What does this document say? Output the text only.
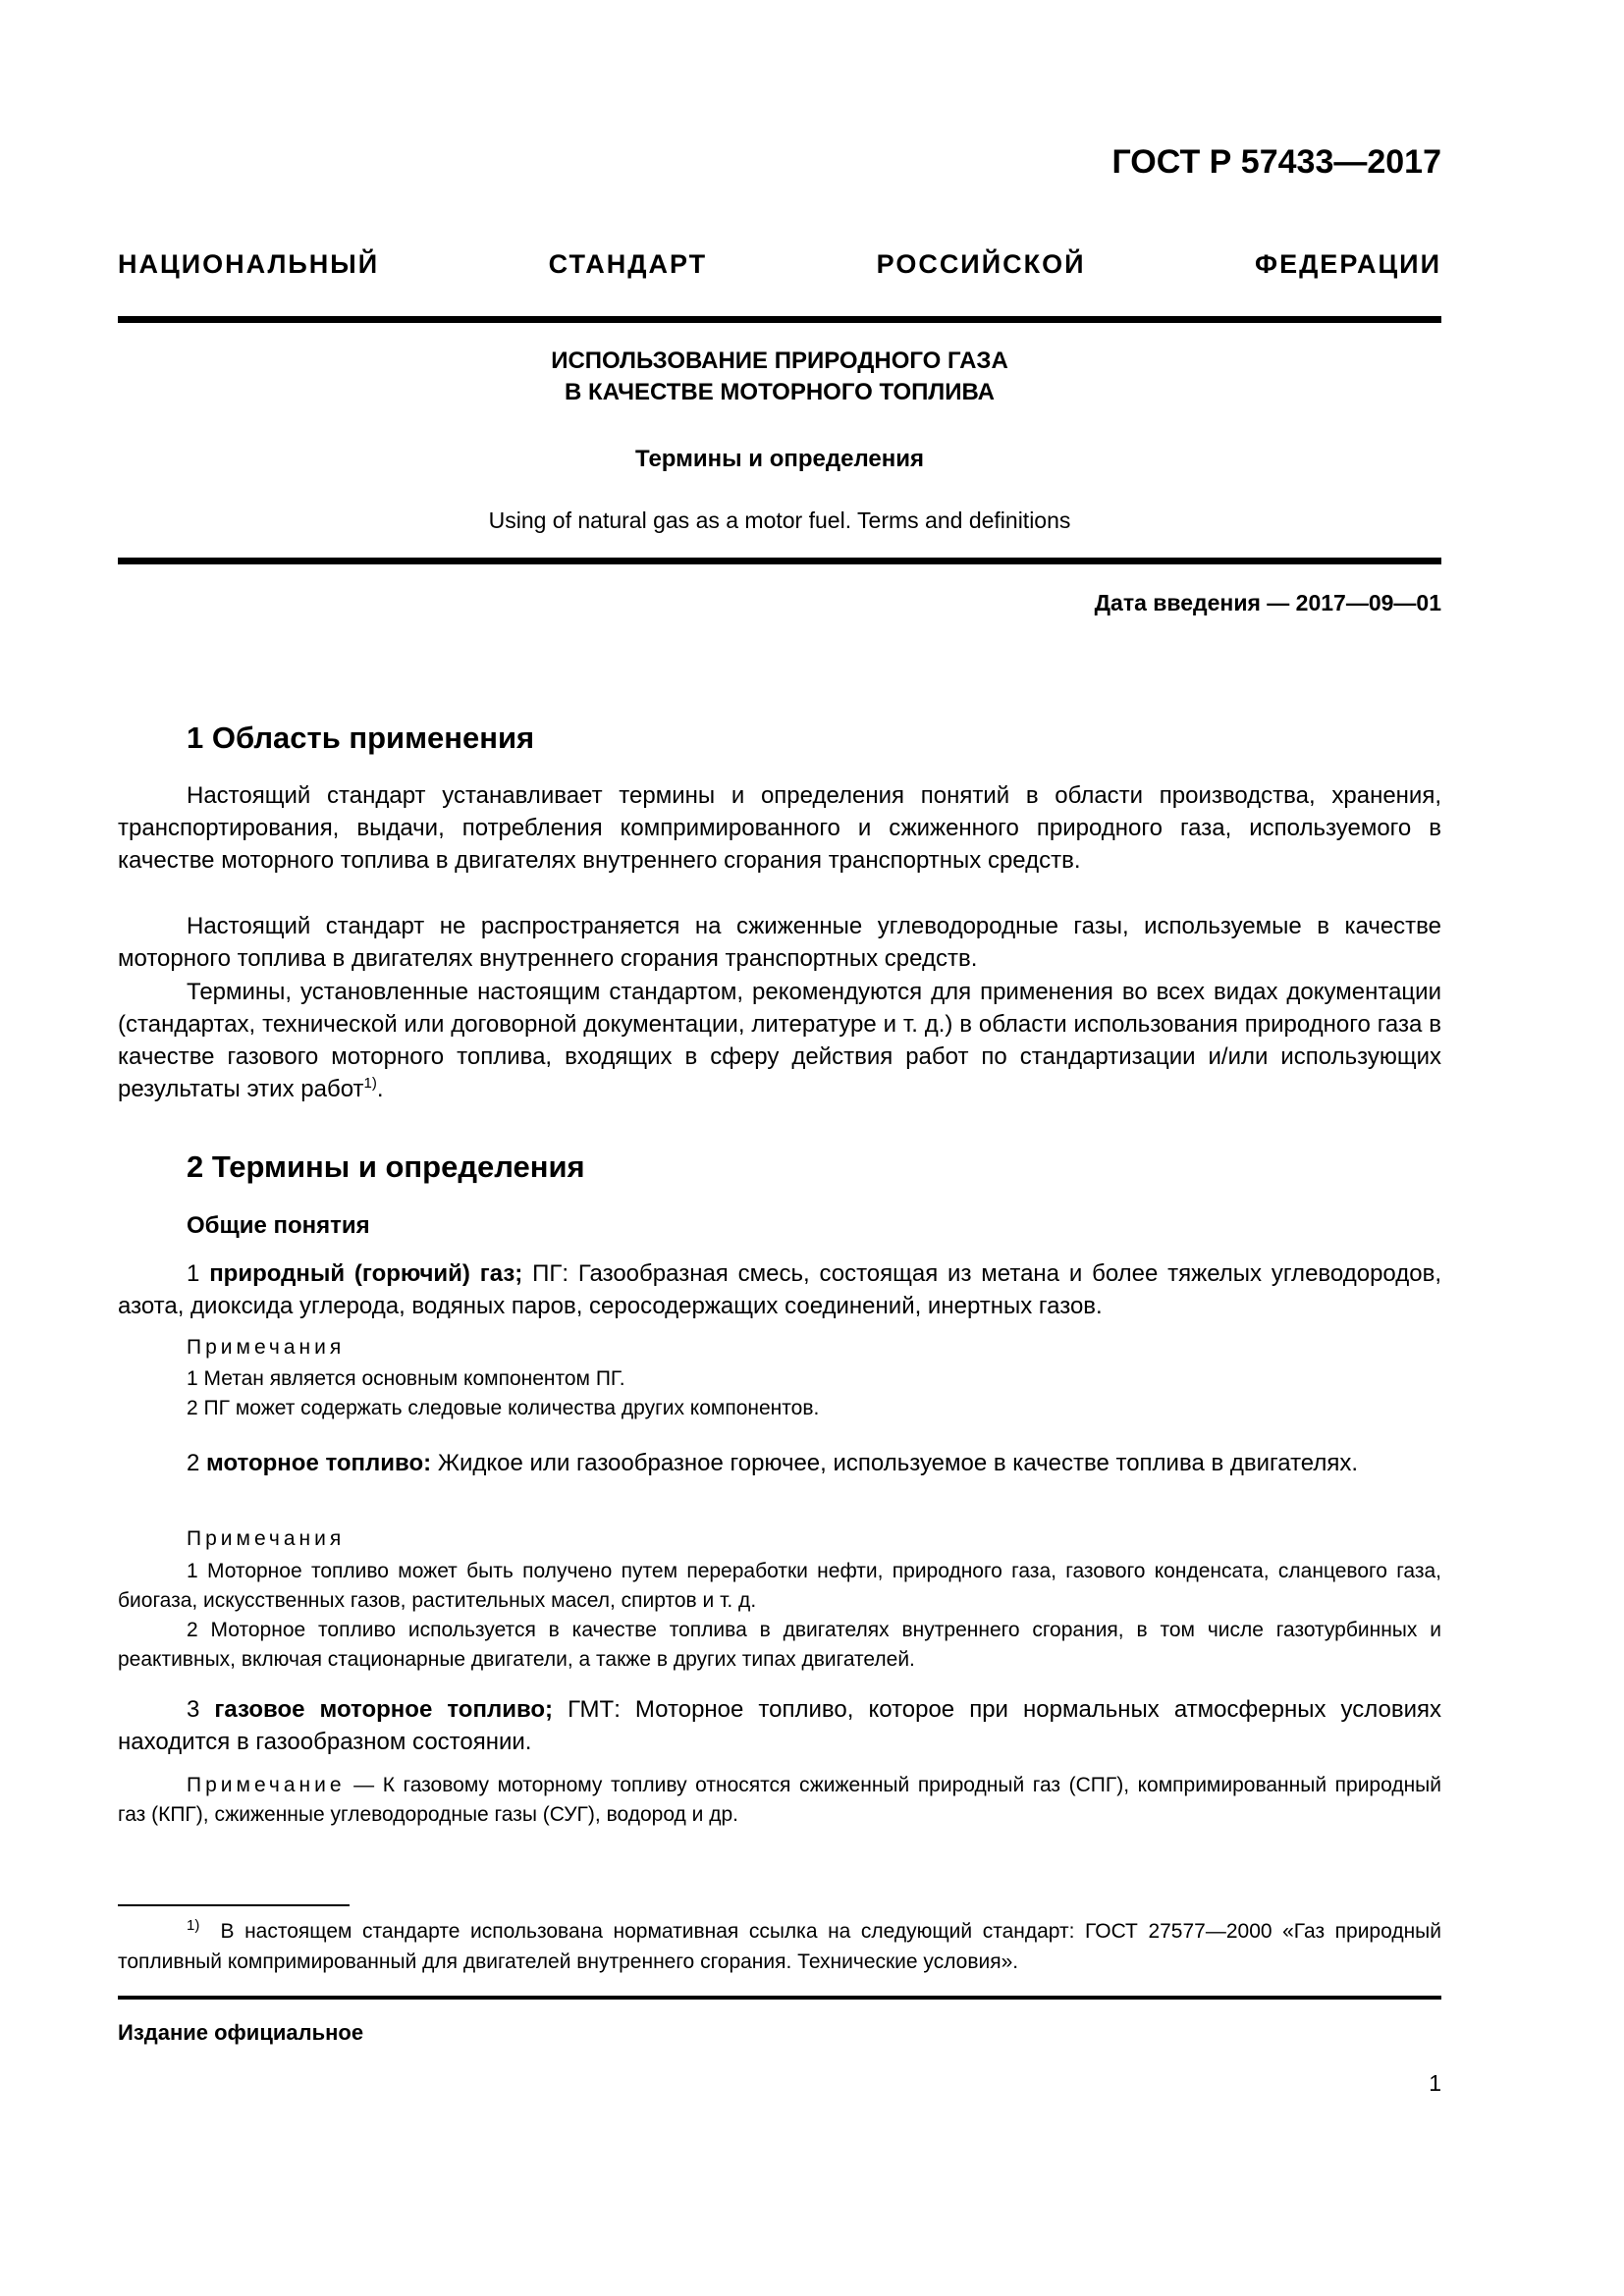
ГОСТ Р 57433—2017
НАЦИОНАЛЬНЫЙ СТАНДАРТ РОССИЙСКОЙ ФЕДЕРАЦИИ
ИСПОЛЬЗОВАНИЕ ПРИРОДНОГО ГАЗА
В КАЧЕСТВЕ МОТОРНОГО ТОПЛИВА
Термины и определения
Using of natural gas as a motor fuel. Terms and definitions
Дата введения — 2017—09—01
1 Область применения

Настоящий стандарт устанавливает термины и определения понятий в области производства, хранения, транспортирования, выдачи, потребления компримированного и сжиженного природного газа, используемого в качестве моторного топлива в двигателях внутреннего сгорания транспортных средств.

Настоящий стандарт не распространяется на сжиженные углеводородные газы, используемые в качестве моторного топлива в двигателях внутреннего сгорания транспортных средств.

Термины, установленные настоящим стандартом, рекомендуются для применения во всех видах документации (стандартах, технической или договорной документации, литературе и т. д.) в области использования природного газа в качестве газового моторного топлива, входящих в сферу действия работ по стандартизации и/или использующих результаты этих работ$^{1)}$.

2 Термины и определения
Общие понятия

1 природный (горючий) газ; ПГ: Газообразная смесь, состоящая из метана и более тяжелых углеводородов, азота, диоксида углерода, водяных паров, серосодержащих соединений, инертных газов.

Примечания

1 Метан является основным компонентом ПГ.

2 ПГ может содержать следовые количества других компонентов.

2 моторное топливо: Жидкое или газообразное горючее, используемое в качестве топлива в двигателях.

Примечания

1 Моторное топливо может быть получено путем переработки нефти, природного газа, газового конденсата, сланцевого газа, биогаза, искусственных газов, растительных масел, спиртов и т. д.

2 Моторное топливо используется в качестве топлива в двигателях внутреннего сгорания, в том числе газотурбинных и реактивных, включая стационарные двигатели, а также в других типах двигателей.

3 газовое моторное топливо; ГМТ: Моторное топливо, которое при нормальных атмосферных условиях находится в газообразном состоянии.

Примечание — К газовому моторному топливу относятся сжиженный природный газ (СПГ), компримированный природный газ (КПГ), сжиженные углеводородные газы (СУГ), водород и др.

$^{1)}$ В настоящем стандарте использована нормативная ссылка на следующий стандарт: ГОСТ 27577—2000 «Газ природный топливный компримированный для двигателей внутреннего сгорания. Технические условия».

Издание официальное
1
